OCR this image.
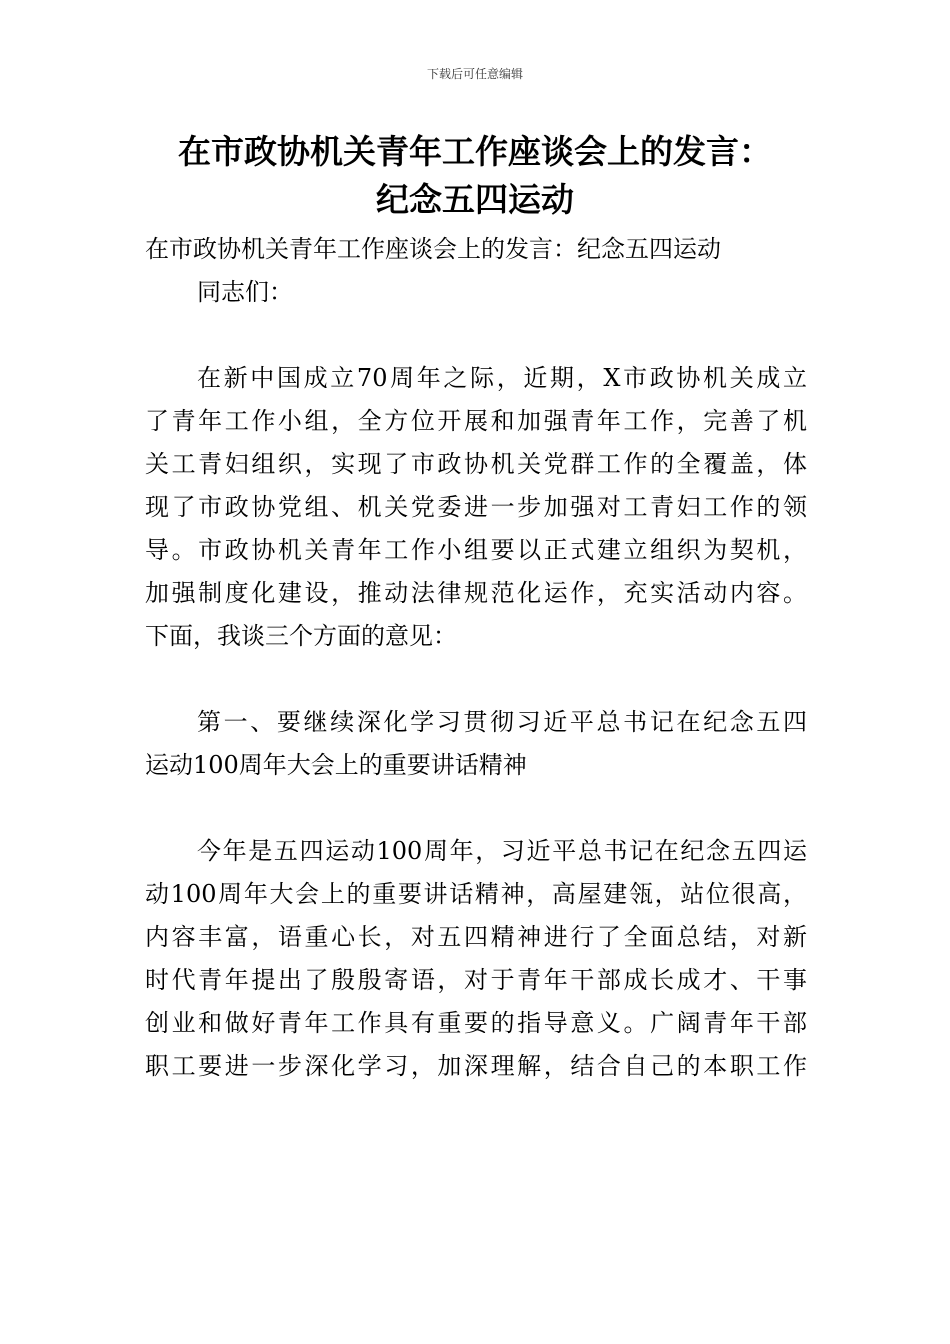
下载后可任意编辑
在市政协机关青年工作座谈会上的发言：
纪念五四运动
在市政协机关青年工作座谈会上的发言：纪念五四运动
同志们：
在新中国成立70周年之际，近期，X市政协机关成立
了青年工作小组，全方位开展和加强青年工作，完善了机
关工青妇组织，实现了市政协机关党群工作的全覆盖，体
现了市政协党组、机关党委进一步加强对工青妇工作的领
导。市政协机关青年工作小组要以正式建立组织为契机，
加强制度化建设，推动法律规范化运作，充实活动内容。
下面，我谈三个方面的意见：
第一、要继续深化学习贯彻习近平总书记在纪念五四
运动100周年大会上的重要讲话精神
今年是五四运动100周年，习近平总书记在纪念五四运
动100周年大会上的重要讲话精神，高屋建瓴，站位很高，
内容丰富，语重心长，对五四精神进行了全面总结，对新
时代青年提出了殷殷寄语，对于青年干部成长成才、干事
创业和做好青年工作具有重要的指导意义。广阔青年干部
职工要进一步深化学习，加深理解，结合自己的本职工作
